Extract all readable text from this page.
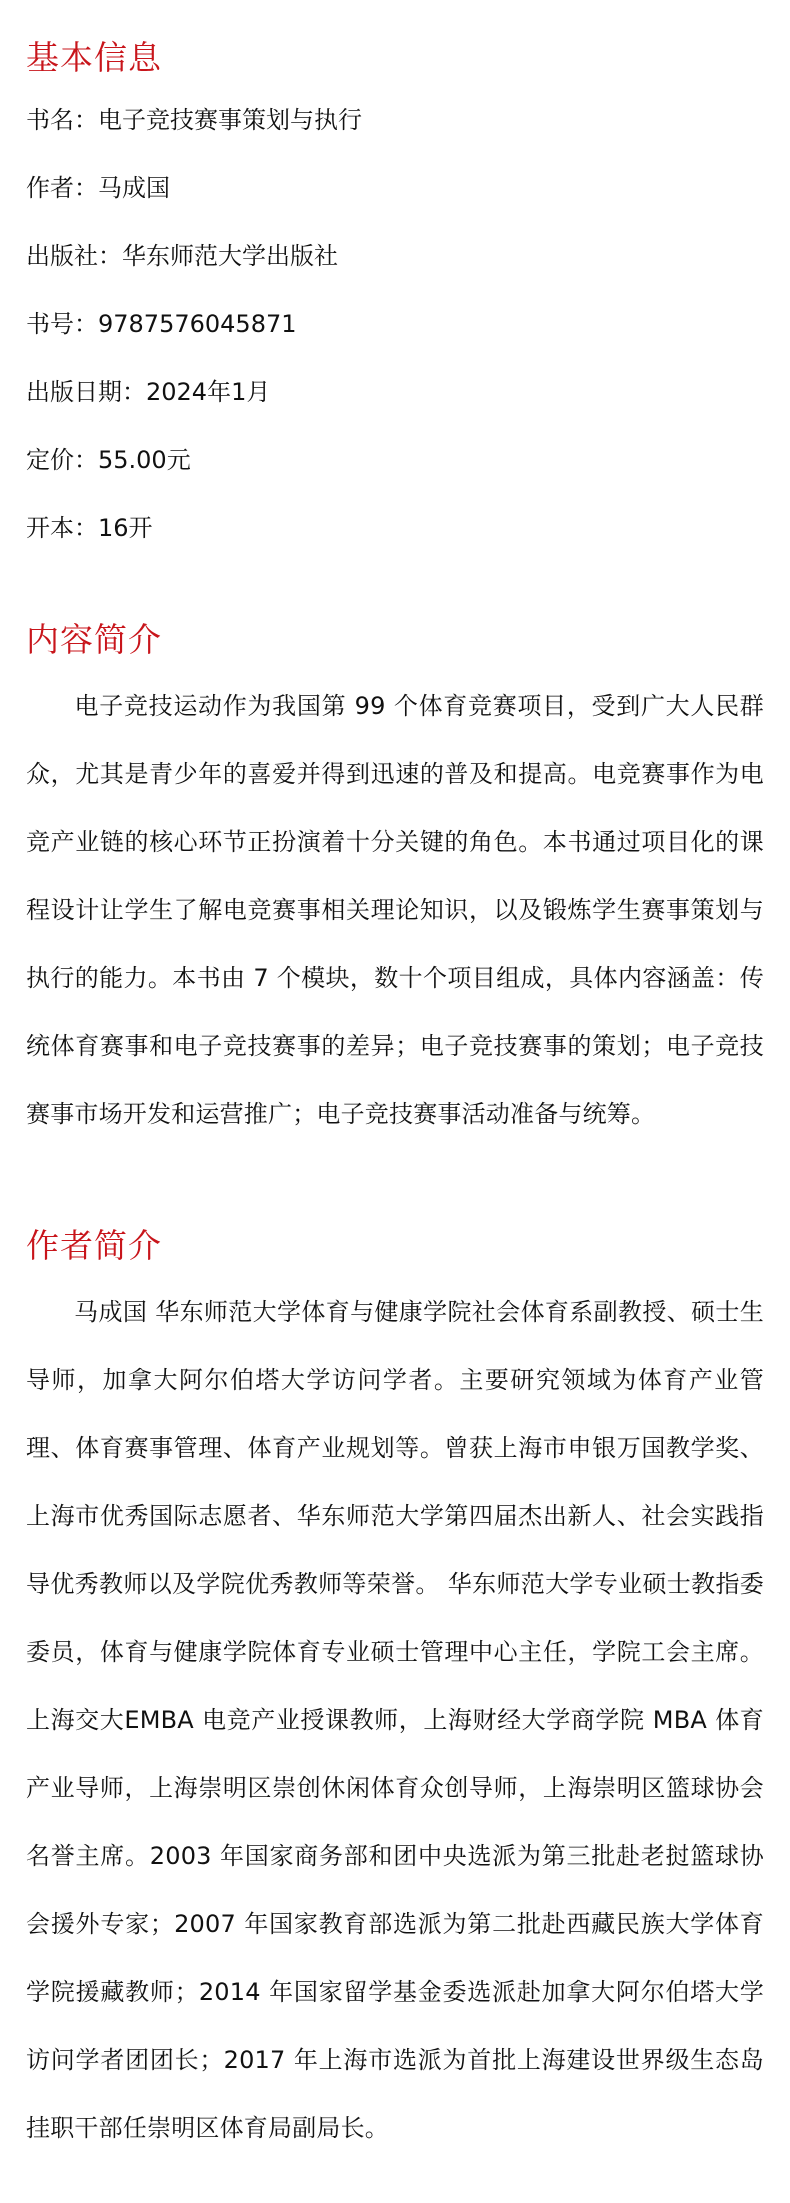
基本信息
书名：电子竞技赛事策划与执行
作者：马成国
出版社：华东师范大学出版社
书号：9787576045871
出版日期：2024年1月
定价：55.00元
开本：16开
内容简介

电子竞技运动作为我国第 99 个体育竞赛项目，受到广大人民群众，尤其是青少年的喜爱并得到迅速的普及和提高。电竞赛事作为电竞产业链的核心环节正扮演着十分关键的角色。本书通过项目化的课程设计让学生了解电竞赛事相关理论知识，以及锻炼学生赛事策划与执行的能力。本书由 7 个模块，数十个项目组成，具体内容涵盖：传统体育赛事和电子竞技赛事的差异；电子竞技赛事的策划；电子竞技赛事市场开发和运营推广；电子竞技赛事活动准备与统筹。

作者简介

马成国 华东师范大学体育与健康学院社会体育系副教授、硕士生导师，加拿大阿尔伯塔大学访问学者。主要研究领域为体育产业管理、体育赛事管理、体育产业规划等。曾获上海市申银万国教学奖、上海市优秀国际志愿者、华东师范大学第四届杰出新人、社会实践指导优秀教师以及学院优秀教师等荣誉。 华东师范大学专业硕士教指委委员，体育与健康学院体育专业硕士管理中心主任，学院工会主席。上海交大EMBA 电竞产业授课教师，上海财经大学商学院 MBA 体育产业导师，上海崇明区崇创休闲体育众创导师，上海崇明区篮球协会名誉主席。2003 年国家商务部和团中央选派为第三批赴老挝篮球协会援外专家；2007 年国家教育部选派为第二批赴西藏民族大学体育学院援藏教师；2014 年国家留学基金委选派赴加拿大阿尔伯塔大学访问学者团团长；2017 年上海市选派为首批上海建设世界级生态岛挂职干部任崇明区体育局副局长。
